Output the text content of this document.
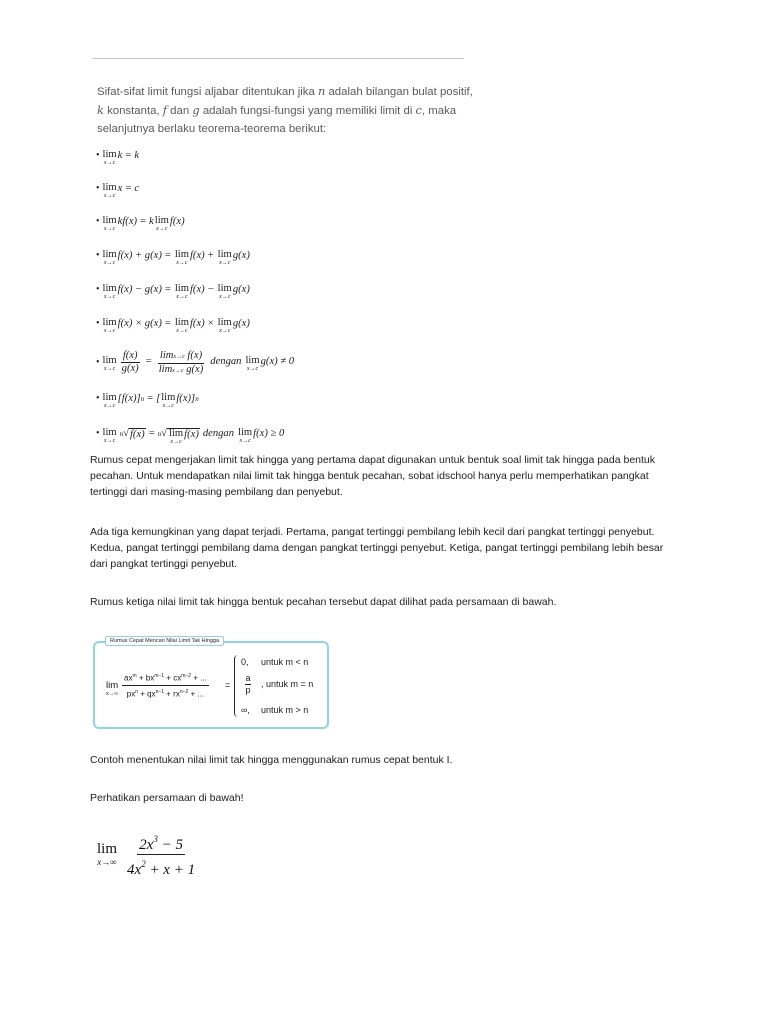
Sifat-sifat limit fungsi aljabar ditentukan jika n adalah bilangan bulat positif, k konstanta, f dan g adalah fungsi-fungsi yang memiliki limit di c, maka selanjutnya berlaku teorema-teorema berikut:
• lim
x→c
k = k
• lim
x→c
x = c
• lim
x→c
kf(x) = k lim
x→c
f(x)
• lim
x→c
f(x) + g(x) = lim
x→c
f(x) + lim
x→c
g(x)
• lim
x→c
f(x) − g(x) = lim
x→c
f(x) − lim
x→c
g(x)
• lim
x→c
f(x) × g(x) = lim
x→c
f(x) × lim
x→c
g(x)
• lim
$x\to c \frac{f(x)}{g(x)} = \frac{\text{limx→c f(x)}}{\text{limx→c g(x)}}$ dengan lim
x→c
g(x) ≠ 0
• lim
x→c
[f(x)] n = [ lim
x→c
f(x)] n
• lim
x→c
n √ f(x) = n √ lim
x→c
f(x) dengan lim
x→c
f(x) ≥ 0

Rumus cepat mengerjakan limit tak hingga yang pertama dapat digunakan untuk bentuk soal limit tak hingga pada bentuk pecahan. Untuk mendapatkan nilai limit tak hingga bentuk pecahan, sobat idschool hanya perlu memperhatikan pangkat tertinggi dari masing-masing pembilang dan penyebut.

Ada tiga kemungkinan yang dapat terjadi. Pertama, pangat tertinggi pembilang lebih kecil dari pangkat tertinggi penyebut. Kedua, pangat tertinggi pembilang dama dengan pangkat tertinggi penyebut. Ketiga, pangat tertinggi pembilang lebih besar dari pangkat tertinggi penyebut.

Rumus ketiga nilai limit tak hingga bentuk pecahan tersebut dapat dilihat pada persamaan di bawah.

Rumus Cepat Mencari Nilai Limit Tak Hingga
lim
x→∞
$ax^m + bx^{m-1} + cx^{m-2}$ + ...
$px^n + qx^{n-1} + rx^{n-2}$ + ...
=
0, untuk m < n
$\frac{a}{p}$ , untuk m = n
∞, untuk m > n

Contoh menentukan nilai limit tak hingga menggunakan rumus cepat bentuk I.

Perhatikan persamaan di bawah!

lim
$x\to\infty \frac{2x^3 - 5}{4x^2 + x + 1}$
